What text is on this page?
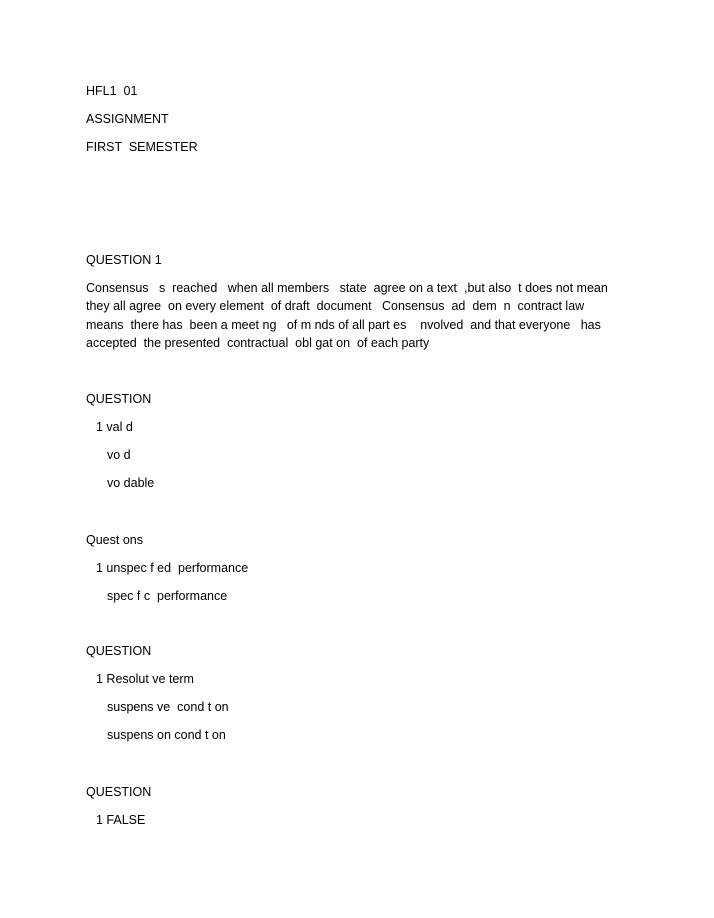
HFL1  01
ASSIGNMENT
FIRST  SEMESTER
QUESTION 1
Consensus   s  reached   when all members   state  agree on a text  ,but also  t does not mean
they all agree  on every element  of draft  document   Consensus  ad  dem  n  contract law
means  there has  been a meet ng   of m nds of all part es    nvolved  and that everyone   has
accepted  the presented  contractual  obl gat on  of each party
QUESTION
1 val d
vo d
vo dable
Quest ons
1 unspec f ed  performance
spec f c  performance
QUESTION
1 Resolut ve term
suspens ve  cond t on
suspens on cond t on
QUESTION
1 FALSE
